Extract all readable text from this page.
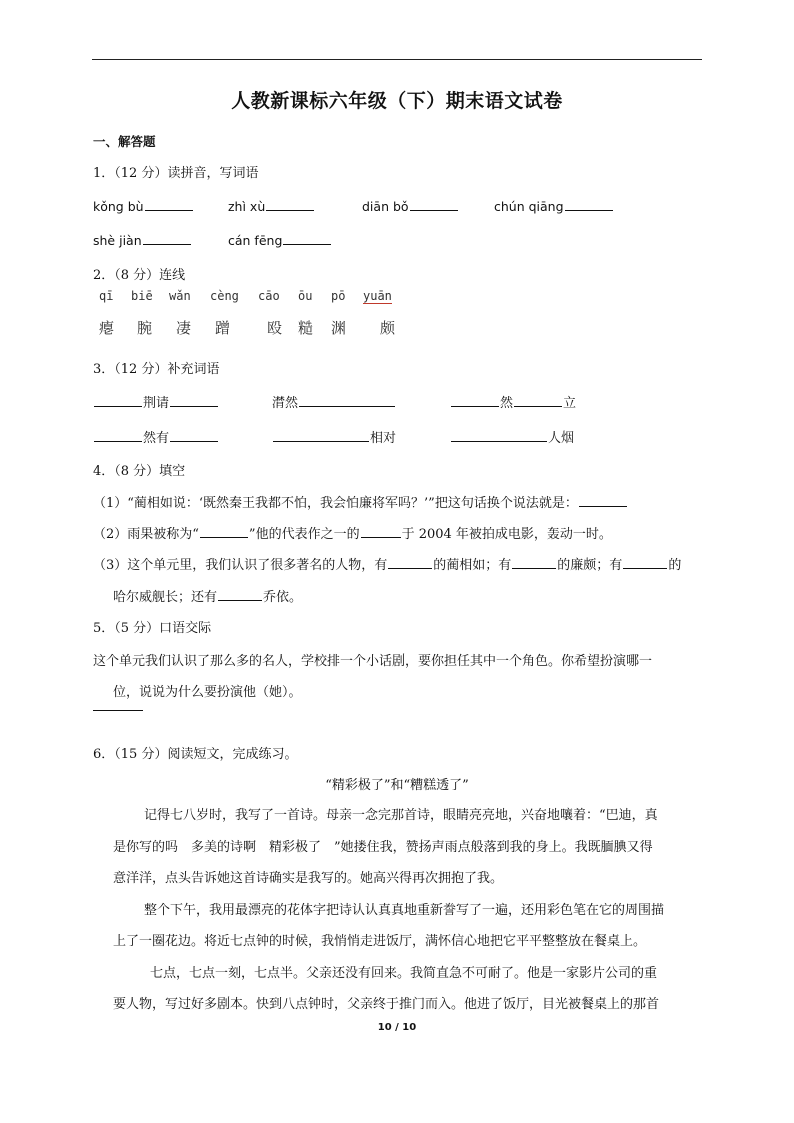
人教新课标六年级（下）期末语文试卷
一、解答题
1．（12 分）读拼音，写词语
kǒng bù	zhì xù	diān bǒ	chún qiāng
shè jiàn	cán fēng
2．（8 分）连线
qī biē wǎn cèng cāo ōu pō yuān
瘪 腕 凄 蹭 殴 糙 渊 颇
3．（12 分）补充词语
荆请	潸然	然	立
然有	相对	人烟
4．（8 分）填空
（1）“蔺相如说：‘既然秦王我都不怕，我会怕廉将军吗？’”把这句话换个说法就是：
（2）雨果被称为“	”他的代表作之一的	于 2004 年被拍成电影，轰动一时。
（3）这个单元里，我们认识了很多著名的人物，有	的蔺相如；有	的廉颇；有	的
哈尔威舰长；还有	乔依。
5．（5 分）口语交际
这个单元我们认识了那么多的名人，学校排一个小话剧，要你担任其中一个角色。你希望扮演哪一
位，说说为什么要扮演他（她）。
6．（15 分）阅读短文，完成练习。
“精彩极了”和“糟糕透了”
记得七八岁时，我写了一首诗。母亲一念完那首诗，眼睛亮亮地，兴奋地嚷着：“巴迪，真
是你写的吗　多美的诗啊　精彩极了　”她搂住我，赞扬声雨点般落到我的身上。我既腼腆又得
意洋洋，点头告诉她这首诗确实是我写的。她高兴得再次拥抱了我。
整个下午，我用最漂亮的花体字把诗认认真真地重新誊写了一遍，还用彩色笔在它的周围描
上了一圈花边。将近七点钟的时候，我悄悄走进饭厅，满怀信心地把它平平整整放在餐桌上。
七点，七点一刻，七点半。父亲还没有回来。我简直急不可耐了。他是一家影片公司的重
要人物，写过好多剧本。快到八点钟时，父亲终于推门而入。他进了饭厅，目光被餐桌上的那首
10 / 10
